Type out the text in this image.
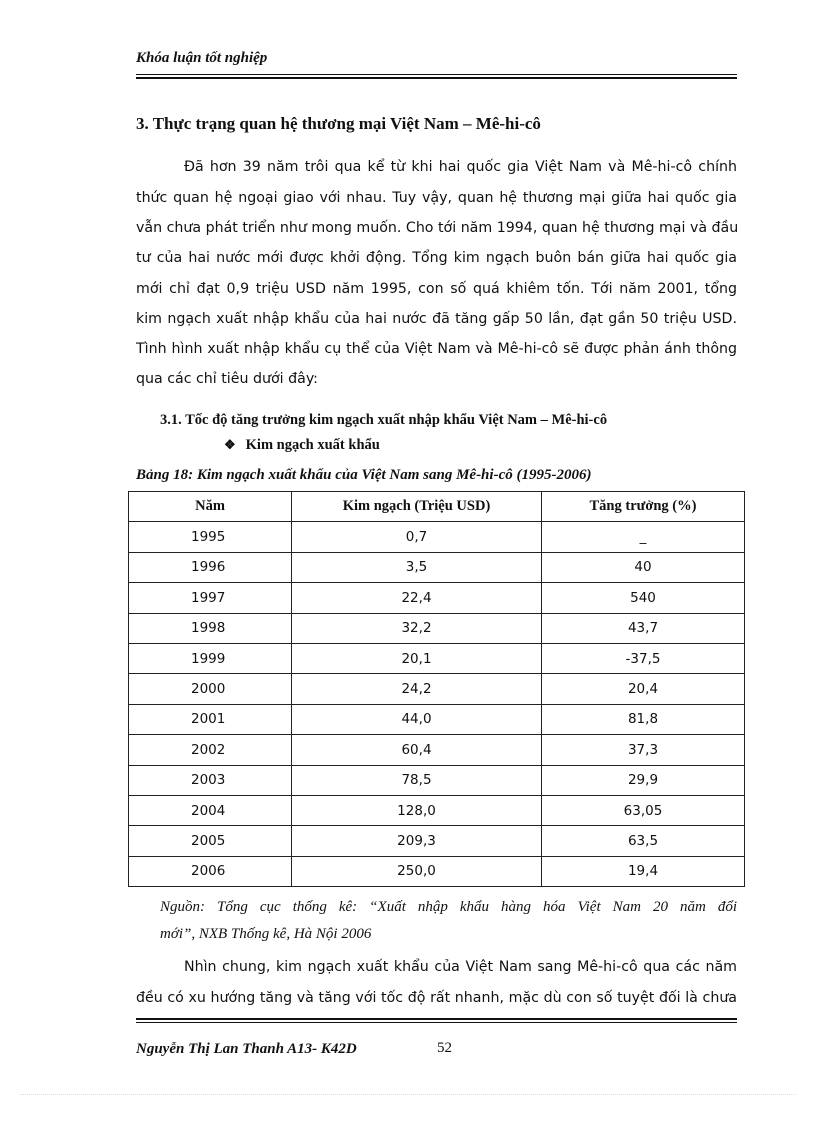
Khóa luận tốt nghiệp
3. Thực trạng quan hệ thương mại Việt Nam – Mê-hi-cô
Đã hơn 39 năm trôi qua kể từ khi hai quốc gia Việt Nam và Mê-hi-cô chính
thức quan hệ ngoại giao với nhau. Tuy vậy, quan hệ thương mại giữa hai quốc gia
vẫn chưa phát triển như mong muốn. Cho tới năm 1994, quan hệ thương mại và đầu
tư của hai nước mới được khởi động. Tổng kim ngạch buôn bán giữa hai quốc gia
mới chỉ đạt 0,9 triệu USD năm 1995, con số quá khiêm tốn. Tới năm 2001, tổng
kim ngạch xuất nhập khẩu của hai nước đã tăng gấp 50 lần, đạt gần 50 triệu USD.
Tình hình xuất nhập khẩu cụ thể của Việt Nam và Mê-hi-cô sẽ được phản ánh thông
qua các chỉ tiêu dưới đây:
3.1. Tốc độ tăng trưởng kim ngạch xuất nhập khẩu Việt Nam – Mê-hi-cô
❖ Kim ngạch xuất khẩu
Bảng 18: Kim ngạch xuất khẩu của Việt Nam sang Mê-hi-cô (1995-2006)
Năm	Kim ngạch (Triệu USD)	Tăng trưởng (%)
1995	0,7	_
1996	3,5	40
1997	22,4	540
1998	32,2	43,7
1999	20,1	-37,5
2000	24,2	20,4
2001	44,0	81,8
2002	60,4	37,3
2003	78,5	29,9
2004	128,0	63,05
2005	209,3	63,5
2006	250,0	19,4
Nguồn: Tổng cục thống kê: “Xuất nhập khẩu hàng hóa Việt Nam 20 năm đổi
mới”, NXB Thống kê, Hà Nội 2006
Nhìn chung, kim ngạch xuất khẩu của Việt Nam sang Mê-hi-cô qua các năm
đều có xu hướng tăng và tăng với tốc độ rất nhanh, mặc dù con số tuyệt đối là chưa
Nguyễn Thị Lan Thanh A13- K42D	52
